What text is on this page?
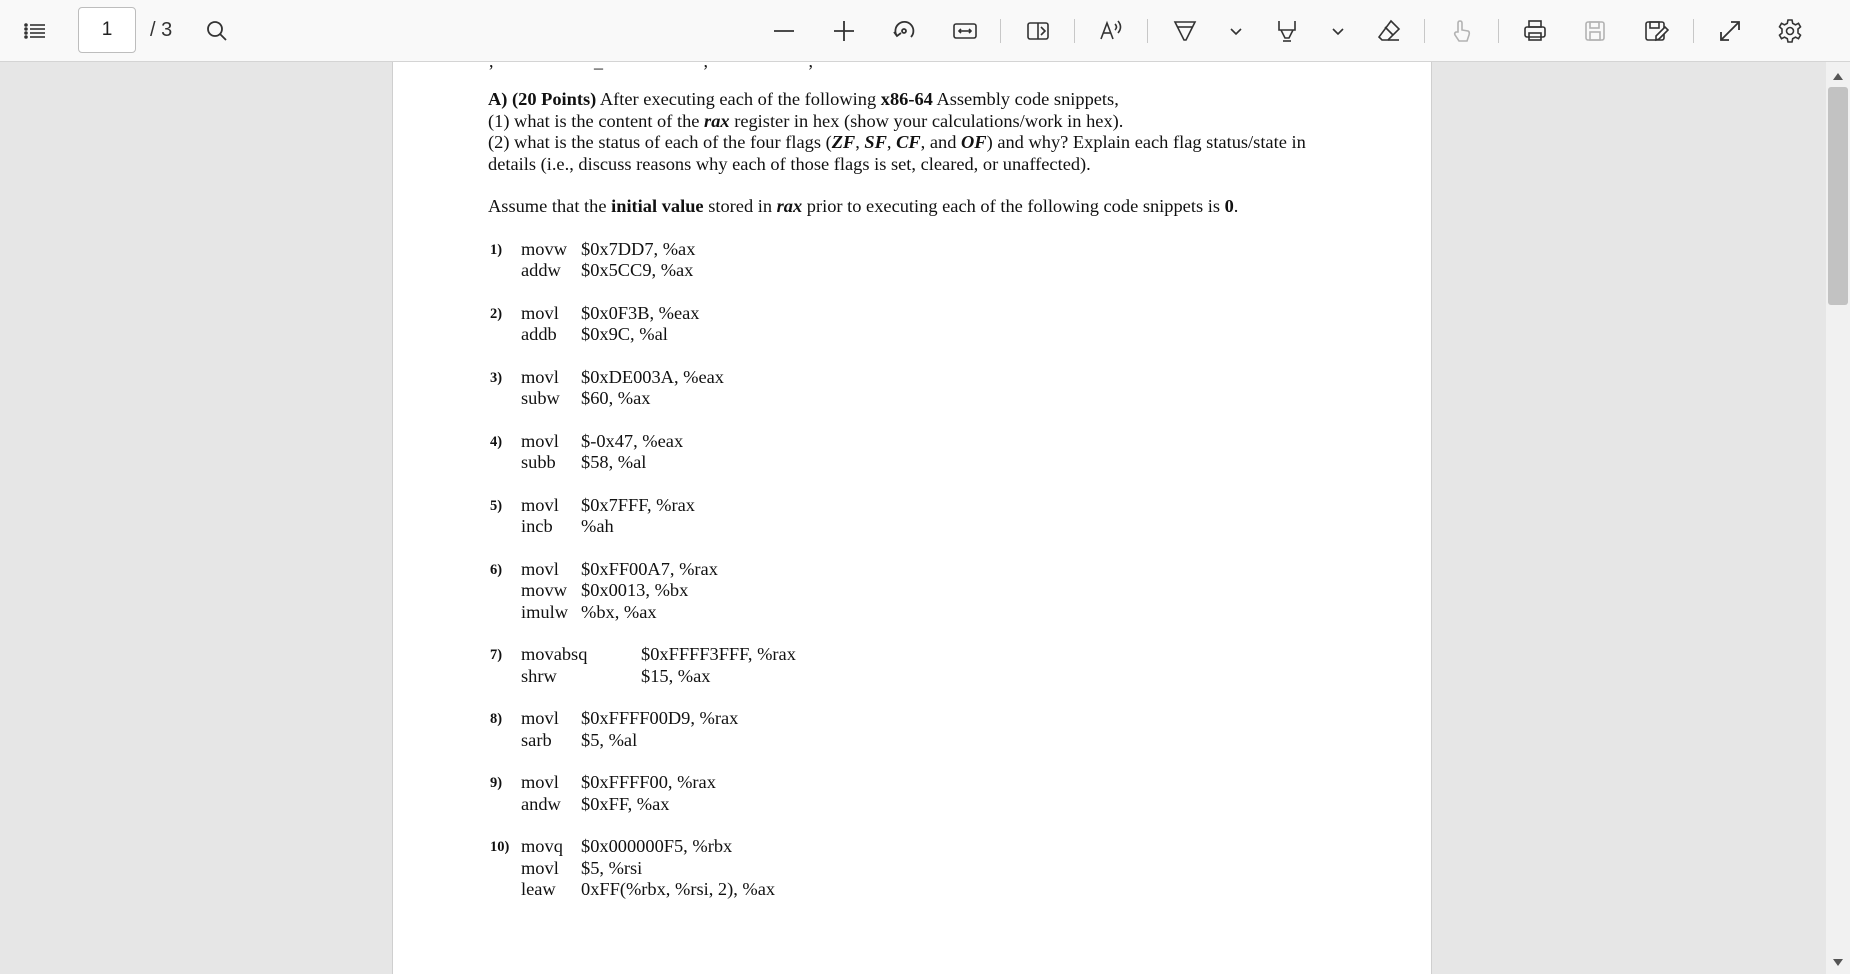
1
/ 3
, _ , ,

A) (20 Points) After executing each of the following x86-64 Assembly code snippets,
(1) what is the content of the rax register in hex (show your calculations/work in hex).
(2) what is the status of each of the four flags (ZF, SF, CF, and OF) and why? Explain each flag status/state in
details (i.e., discuss reasons why each of those flags is set, cleared, or unaffected).

Assume that the initial value stored in rax prior to executing each of the following code snippets is 0.

1)	movw $0x7DD7, %ax
addw	$0x5CC9, %ax
2)	movl	$0x0F3B, %eax
addb	$0x9C, %al
3)	movl	$0xDE003A, %eax
subw	$60, %ax
4)	movl	$-0x47, %eax
subb	$58, %al
5)	movl	$0x7FFF, %rax
incb	%ah
6)	movl	$0xFF00A7, %rax
movw $0x0013, %bx
imulw %bx, %ax
7)	movabsq	$0xFFFF3FFF, %rax
shrw	$15, %ax
8)	movl	$0xFFFF00D9, %rax
sarb	$5, %al
9)	movl	$0xFFFF00, %rax
andw	$0xFF, %ax
10) movq $0x000000F5, %rbx
movl	$5, %rsi
leaw	0xFF(%rbx, %rsi, 2), %ax
